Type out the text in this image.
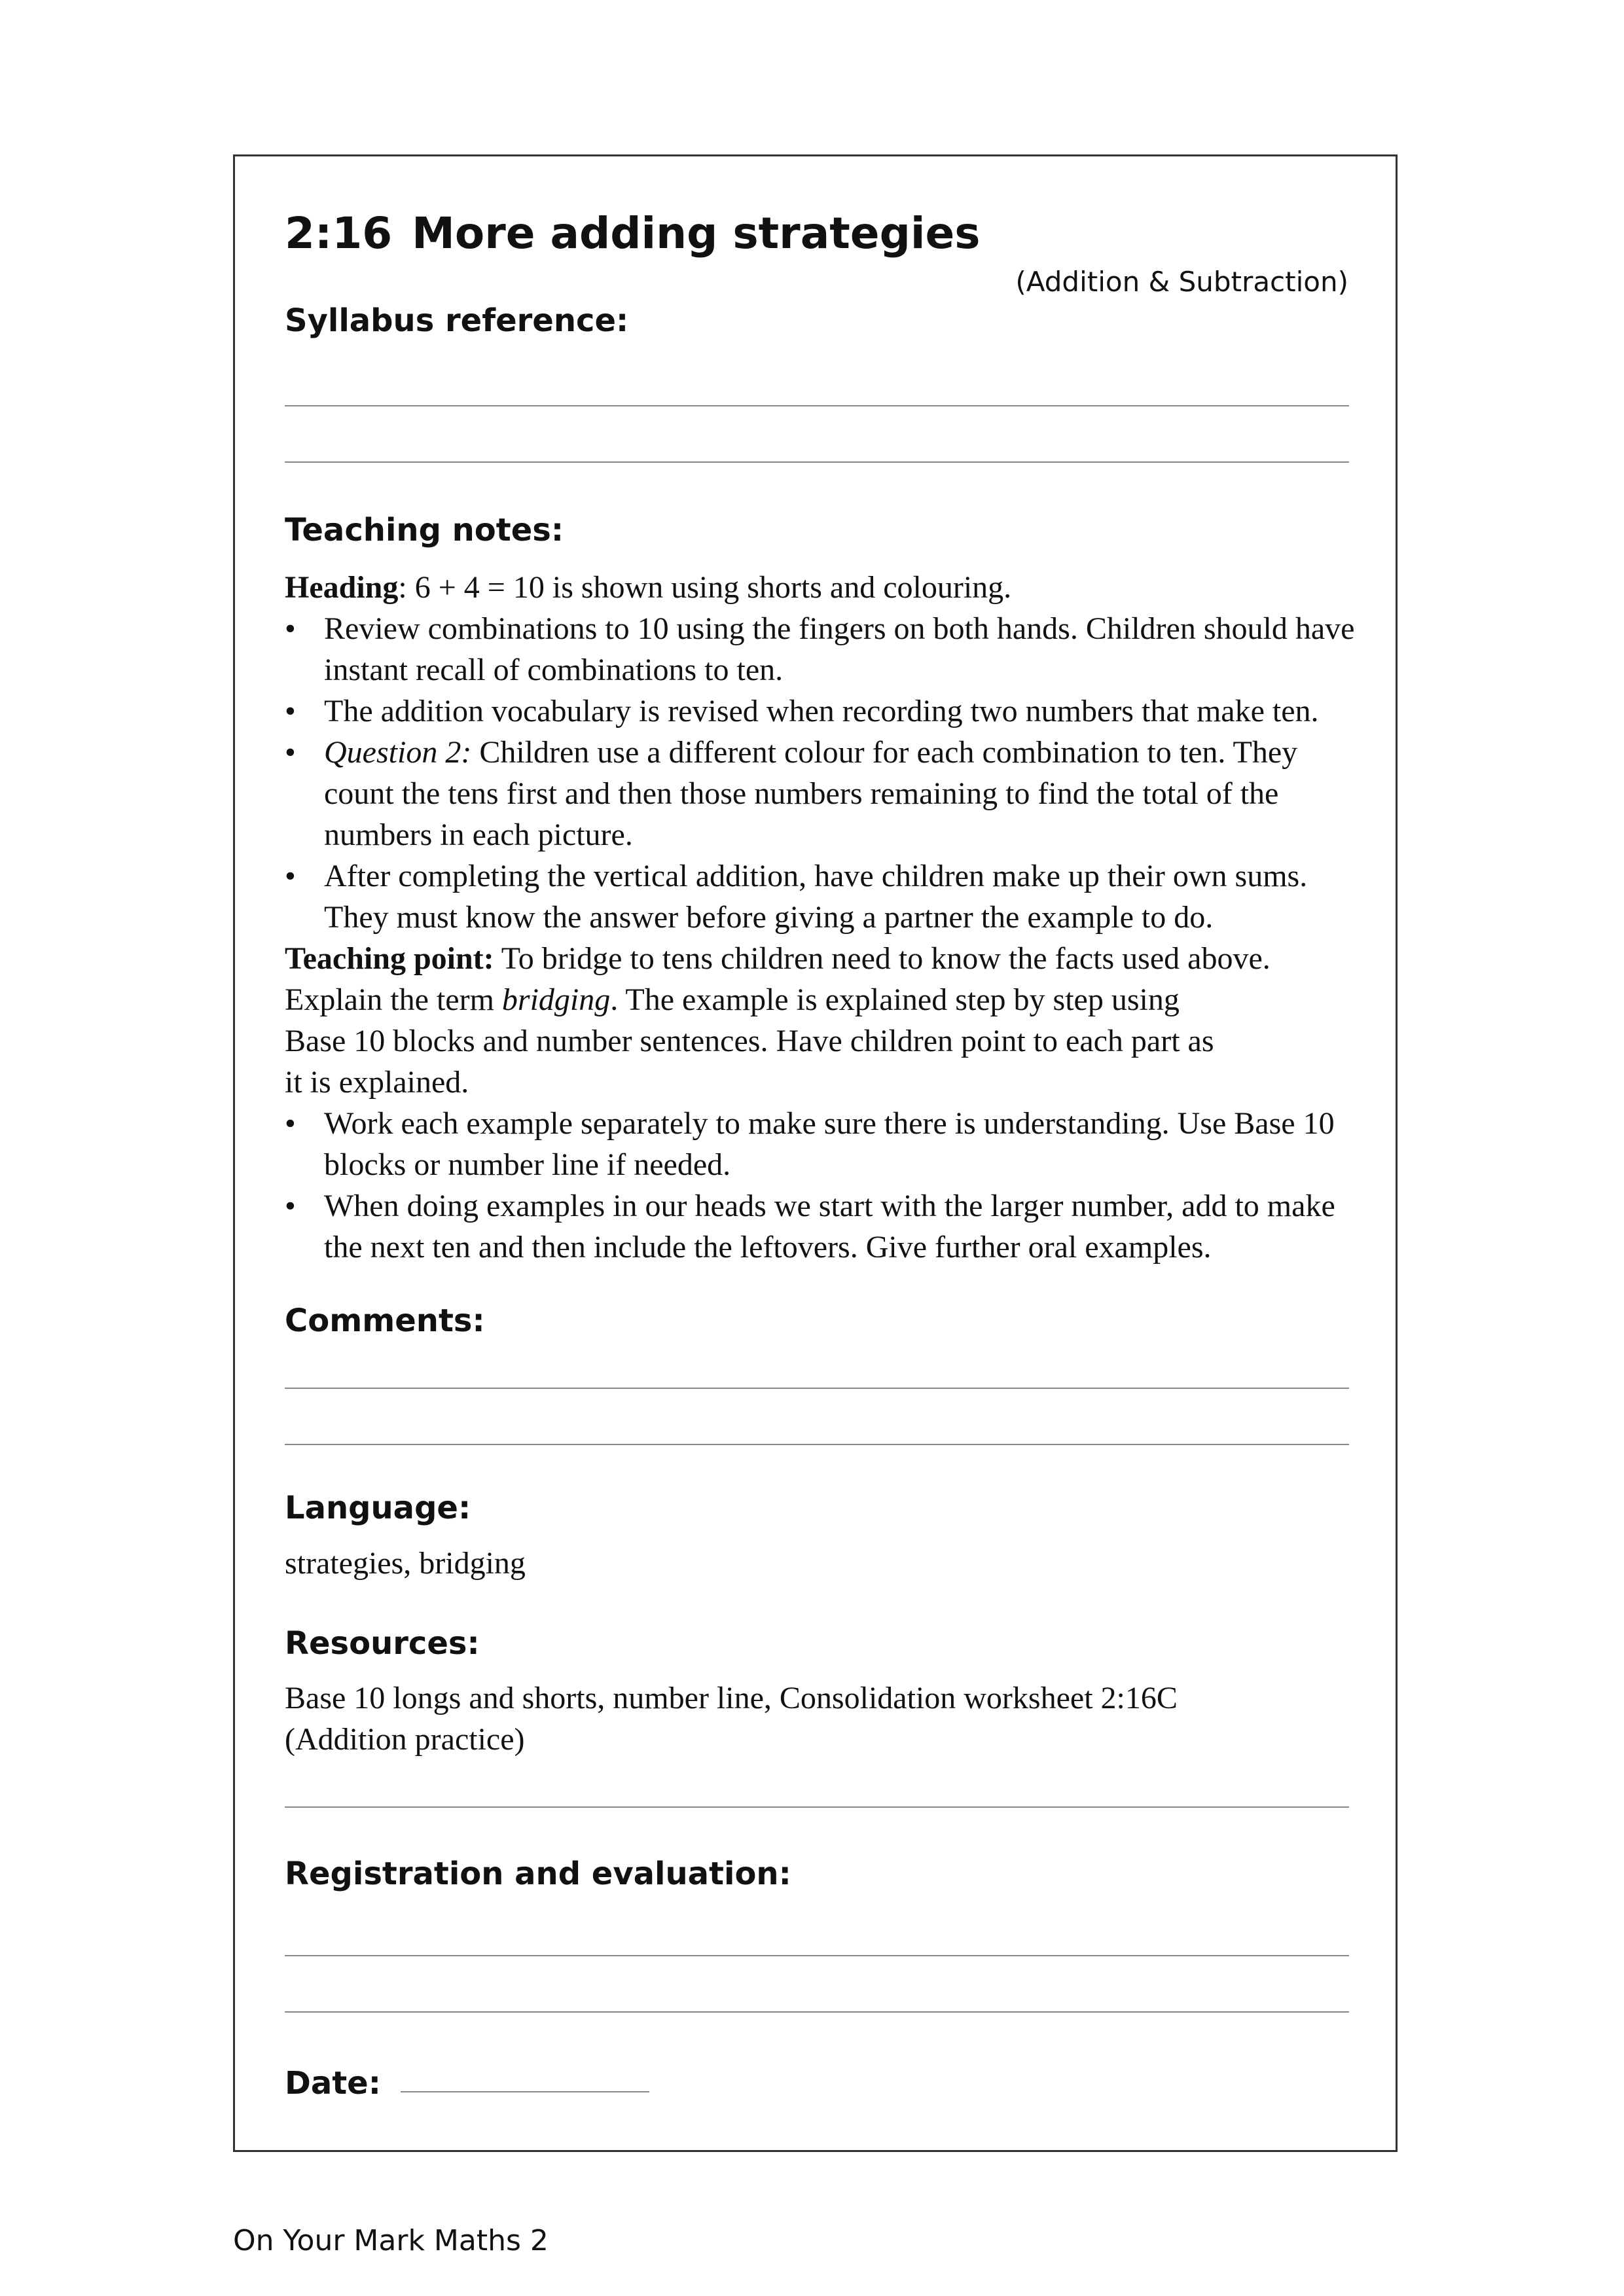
2:16 More adding strategies
(Addition & Subtraction)
Syllabus reference:
Teaching notes:

Heading: 6 + 4 = 10 is shown using shorts and colouring.

• Review combinations to 10 using the fingers on both hands. Children should have instant recall of combinations to ten.

• The addition vocabulary is revised when recording two numbers that make ten.

• Question 2: Children use a different colour for each combination to ten. They count the tens first and then those numbers remaining to find the total of the numbers in each picture.

• After completing the vertical addition, have children make up their own sums. They must know the answer before giving a partner the example to do.

Teaching point: To bridge to tens children need to know the facts used above.
Explain the term bridging. The example is explained step by step using
Base 10 blocks and number sentences. Have children point to each part as
it is explained.

• Work each example separately to make sure there is understanding. Use Base 10 blocks or number line if needed.

• When doing examples in our heads we start with the larger number, add to make the next ten and then include the leftovers. Give further oral examples.

Comments:
Language:
strategies, bridging
Resources:

Base 10 longs and shorts, number line, Consolidation worksheet 2:16C

(Addition practice)

Registration and evaluation:
Date:
On Your Mark Maths 2
